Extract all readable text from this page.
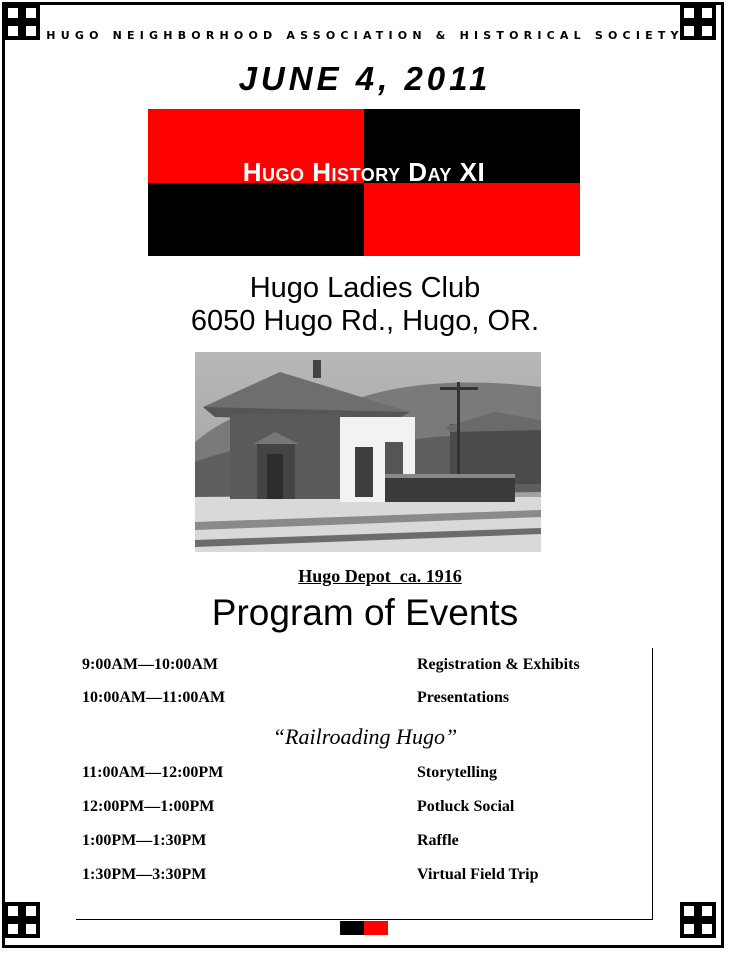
HUGO NEIGHBORHOOD ASSOCIATION & HISTORICAL SOCIETY
JUNE 4, 2011
Hugo History Day XI
Hugo Ladies Club
6050 Hugo Rd., Hugo, OR.
Hugo Depot  ca. 1916
Program of Events
9:00AM—10:00AM	Registration & Exhibits
10:00AM—11:00AM	Presentations
“Railroading Hugo”
11:00AM—12:00PM	Storytelling
12:00PM—1:00PM	Potluck Social
1:00PM—1:30PM	Raffle
1:30PM—3:30PM	Virtual Field Trip
